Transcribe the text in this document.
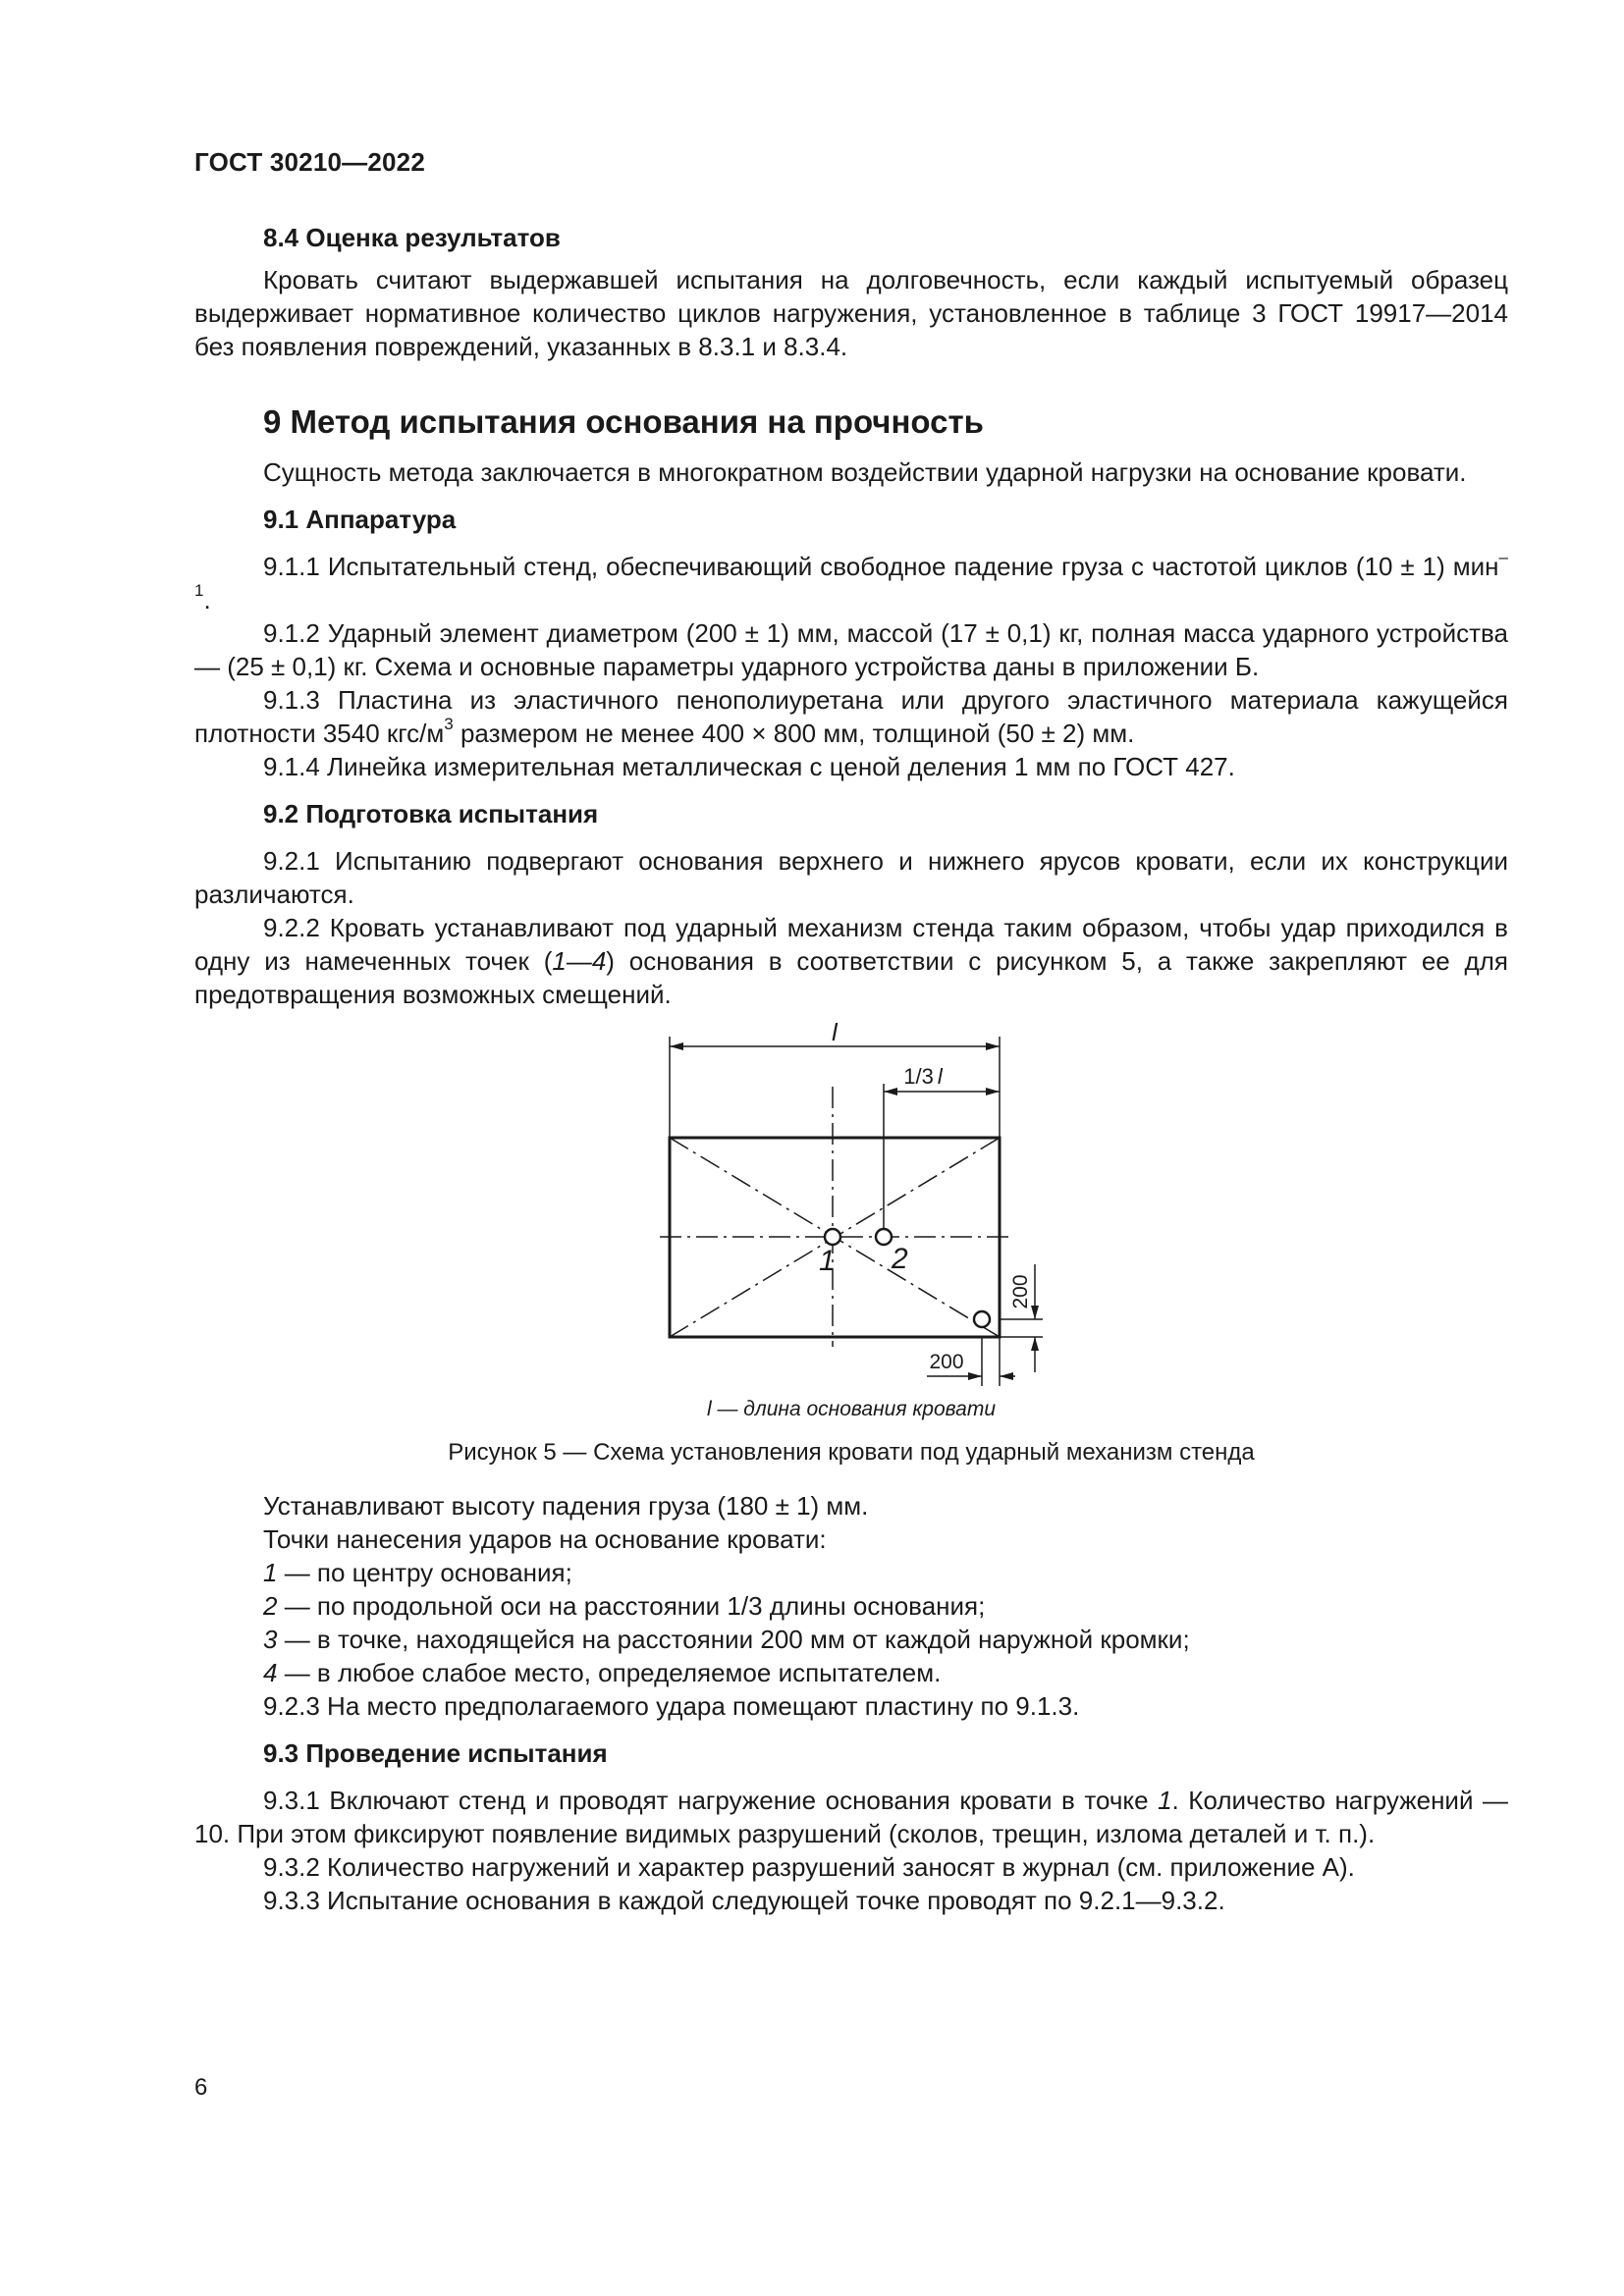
ГОСТ 30210—2022

8.4 Оценка результатов

Кровать считают выдержавшей испытания на долговечность, если каждый испытуемый образец выдерживает нормативное количество циклов нагружения, установленное в таблице 3 ГОСТ 19917—2014 без появления повреждений, указанных в 8.3.1 и 8.3.4.

9 Метод испытания основания на прочность

Сущность метода заключается в многократном воздействии ударной нагрузки на основание кровати.

9.1 Аппаратура

9.1.1 Испытательный стенд, обеспечивающий свободное падение груза с частотой циклов (10 ± 1) мин$^{-1}$.

9.1.2 Ударный элемент диаметром (200 ± 1) мм, массой (17 ± 0,1) кг, полная масса ударного устройства — (25 ± 0,1) кг. Схема и основные параметры ударного устройства даны в приложении Б.

9.1.3 Пластина из эластичного пенополиуретана или другого эластичного материала кажущейся плотности 3540 кгс/$м^3$ размером не менее 400 × 800 мм, толщиной (50 ± 2) мм.

9.1.4 Линейка измерительная металлическая с ценой деления 1 мм по ГОСТ 427.

9.2 Подготовка испытания

9.2.1 Испытанию подвергают основания верхнего и нижнего ярусов кровати, если их конструкции различаются.

9.2.2 Кровать устанавливают под ударный механизм стенда таким образом, чтобы удар приходился в одну из намеченных точек (1—4) основания в соответствии с рисунком 5, а также закрепляют ее для предотвращения возможных смещений.

l
1/3 l
1 2
200
200

l — длина основания кровати

Рисунок 5 — Схема установления кровати под ударный механизм стенда

Устанавливают высоту падения груза (180 ± 1) мм.

Точки нанесения ударов на основание кровати:

1 — по центру основания;

2 — по продольной оси на расстоянии 1/3 длины основания;

3 — в точке, находящейся на расстоянии 200 мм от каждой наружной кромки;

4 — в любое слабое место, определяемое испытателем.

9.2.3 На место предполагаемого удара помещают пластину по 9.1.3.

9.3 Проведение испытания

9.3.1 Включают стенд и проводят нагружение основания кровати в точке 1. Количество нагружений — 10. При этом фиксируют появление видимых разрушений (сколов, трещин, излома деталей и т. п.).

9.3.2 Количество нагружений и характер разрушений заносят в журнал (см. приложение А).

9.3.3 Испытание основания в каждой следующей точке проводят по 9.2.1—9.3.2.

6
